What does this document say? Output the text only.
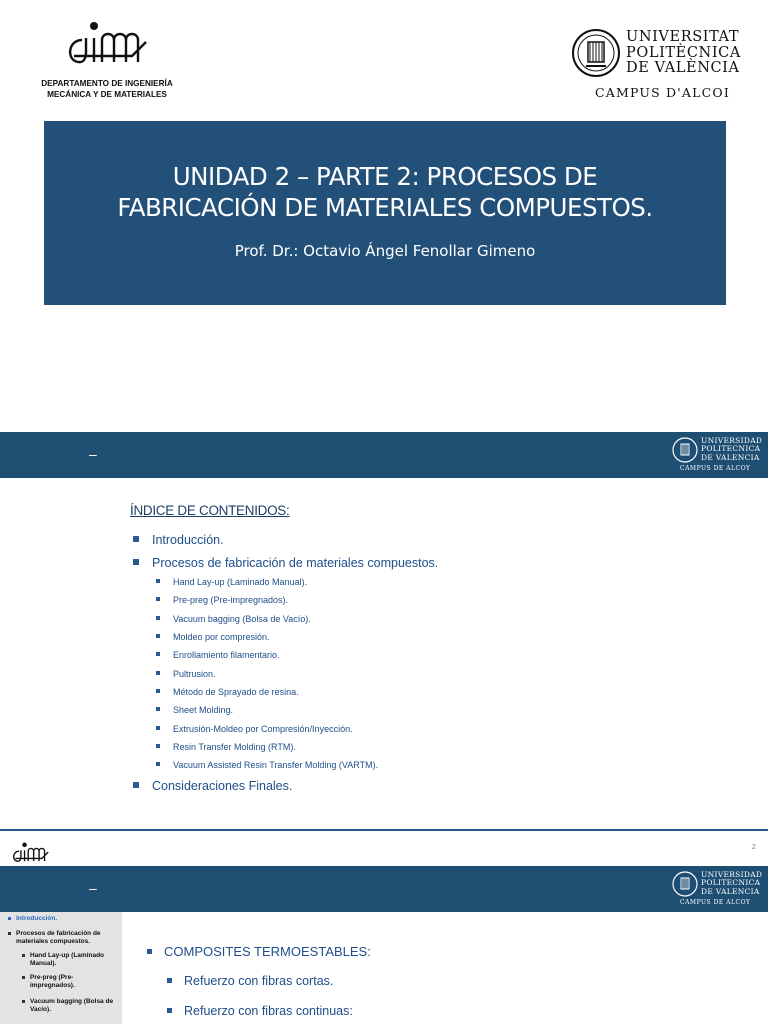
DEPARTAMENTO DE INGENIERÍA
MECÁNICA Y DE MATERIALES
UNIVERSITAT
POLITÈCNICA
DE VALÈNCIA
CAMPUS D'ALCOI
UNIDAD 2 – PARTE 2: PROCESOS DE
FABRICACIÓN DE MATERIALES COMPUESTOS.
Prof. Dr.: Octavio Ángel Fenollar Gimeno
–
UNIVERSIDAD
POLITECNICA
DE VALENCIA
CAMPUS DE ALCOY
ÍNDICE DE CONTENIDOS:
Introducción.
Procesos de fabricación de materiales compuestos.
Hand Lay-up (Laminado Manual).
Pre-preg (Pre-impregnados).
Vacuum bagging (Bolsa de Vacío).
Moldeo por compresión.
Enrollamiento filamentario.
Pultrusion.
Método de Sprayado de resina.
Sheet Molding.
Extrusión-Moldeo por Compresión/Inyección.
Resin Transfer Molding (RTM).
Vacuum Assisted Resin Transfer Molding (VARTM).
Consideraciones Finales.
2
–
UNIVERSIDAD
POLITECNICA
DE VALENCIA
CAMPUS DE ALCOY
Introducción.
Procesos de fabricación de materiales compuestos.
Hand Lay-up (Laminado Manual).
Pre-preg (Pre-impregnados).
Vacuum bagging (Bolsa de Vacío).
COMPOSITES TERMOESTABLES:
Refuerzo con fibras cortas.
Refuerzo con fibras continuas:
